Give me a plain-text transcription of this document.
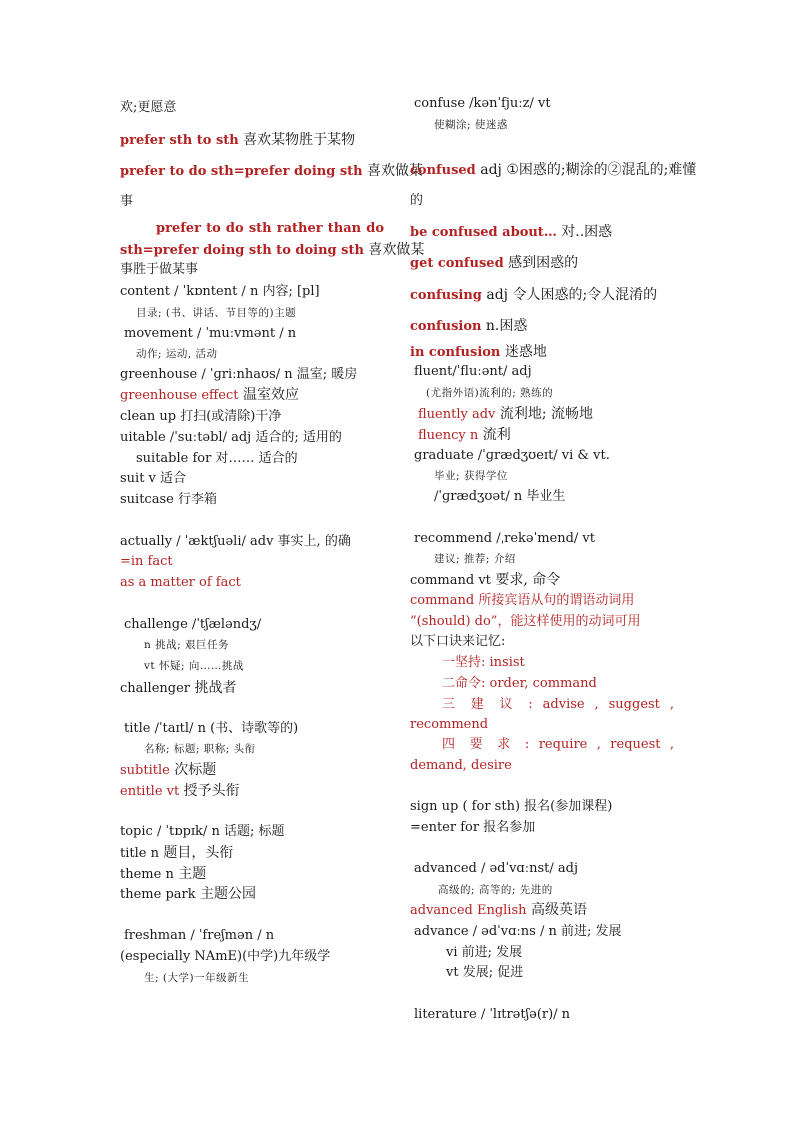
欢;更愿意
prefer sth to sth 喜欢某物胜于某物
prefer to do sth=prefer doing sth 喜欢做某
事
prefer to do sth rather than do
sth=prefer doing sth to doing sth 喜欢做某
事胜于做某事
content / ˈkɒntent / n 内容; [pl]
目录; (书、讲话、节目等的)主题
movement / ˈmuːvmənt / n
动作; 运动, 活动
greenhouse / ˈɡriːnhaʊs/ n 温室; 暖房
greenhouse effect 温室效应
clean up 打扫(或清除)干净
uitable /ˈsuːtəbl/ adj 适合的; 适用的
suitable for 对…… 适合的
suit v 适合
suitcase 行李箱
actually / ˈæktʃuəli/ adv 事实上, 的确
=in fact
as a matter of fact
challenge /ˈtʃæləndʒ/
n 挑战; 艰巨任务
vt 怀疑; 向……挑战
challenger 挑战者
title /ˈtaɪtl/ n (书、诗歌等的)
名称; 标题; 职称; 头衔
subtitle 次标题
entitle vt 授予头衔
topic / ˈtɒpɪk/ n 话题; 标题
title n 题目，头衔
theme n 主题
theme park 主题公园
freshman / ˈfreʃmən / n
(especially NAmE)(中学)九年级学
生; (大学)一年级新生
confuse /kənˈfjuːz/ vt
使糊涂; 使迷惑
confused adj ①困惑的;糊涂的②混乱的;难懂
的
be confused about… 对..困惑
get confused 感到困惑的
confusing adj 令人困惑的;令人混淆的
confusion n.困惑
in confusion 迷惑地
fluent/ˈfluːənt/ adj
(尤指外语)流利的; 熟练的
fluently adv 流利地; 流畅地
fluency n 流利
graduate /ˈɡrædʒʊeɪt/ vi & vt.
毕业; 获得学位
/ˈɡrædʒʊət/ n 毕业生
recommend /ˌrekəˈmend/ vt
建议; 推荐; 介绍
command vt 要求, 命令
command 所接宾语从句的谓语动词用
“(should) do”，能这样使用的动词可用
以下口诀来记忆:
一坚持: insist
二命令: order, command
三 建 议 : advise , suggest ,
recommend
四 要 求 : require , request ,
demand, desire
sign up ( for sth) 报名(参加课程)
=enter for 报名参加
advanced / ədˈvɑːnst/ adj
高级的; 高等的; 先进的
advanced English 高级英语
advance / ədˈvɑːns / n 前进; 发展
vi 前进; 发展
vt 发展; 促进
literature / ˈlɪtrətʃə(r)/ n
